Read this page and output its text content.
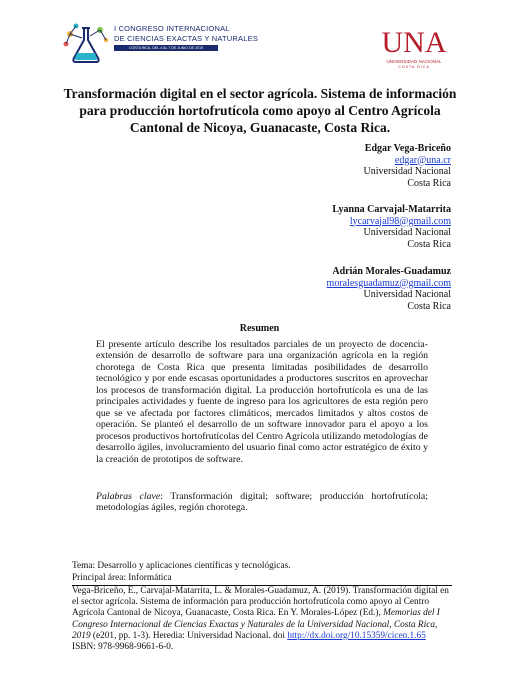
I CONGRESO INTERNACIONAL
DE CIENCIAS EXACTAS Y NATURALES
COSTA RICA, DEL 4 AL 7 DE JUNIO DE 2019	UNA
UNIVERSIDAD NACIONAL
COSTA RICA
Transformación digital en el sector agrícola. Sistema de información para producción hortofrutícola como apoyo al Centro Agrícola Cantonal de Nicoya, Guanacaste, Costa Rica.
Edgar Vega-Briceño
edgar@una.cr
Universidad Nacional
Costa Rica
Lyanna Carvajal-Matarrita
lycarvajal98@gmail.com
Universidad Nacional
Costa Rica
Adrián Morales-Guadamuz
moralesguadamuz@gmail.com
Universidad Nacional
Costa Rica
Resumen

El presente artículo describe los resultados parciales de un proyecto de docencia-extensión de desarrollo de software para una organización agrícola en la región chorotega de Costa Rica que presenta limitadas posibilidades de desarrollo tecnológico y por ende escasas oportunidades a productores suscritos en aprovechar los procesos de transformación digital. La producción hortofrutícola es una de las principales actividades y fuente de ingreso para los agricultores de esta región pero que se ve afectada por factores climáticos, mercados limitados y altos costos de operación. Se planteó el desarrollo de un software innovador para el apoyo a los procesos productivos hortofrutícolas del Centro Agrícola utilizando metodologías de desarrollo ágiles, involucramiento del usuario final como actor estratégico de éxito y la creación de prototipos de software.

Palabras clave: Transformación digital; software; producción hortofrutícola; metodologías ágiles, región chorotega.

Tema: Desarrollo y aplicaciones científicas y tecnológicas.

Principal área: Informática

Vega-Briceño, E., Carvajal-Matarrita, L. & Morales-Guadamuz, A. (2019). Transformación digital en el sector agrícola. Sistema de información para producción hortofrutícola como apoyo al Centro Agrícola Cantonal de Nicoya, Guanacaste, Costa Rica. En Y. Morales-López (Ed.), Memorias del I Congreso Internacional de Ciencias Exactas y Naturales de la Universidad Nacional, Costa Rica, 2019 (e201, pp. 1-3). Heredia: Universidad Nacional. doi http://dx.doi.org/10.15359/cicen.1.65

ISBN: 978-9968-9661-6-0.
